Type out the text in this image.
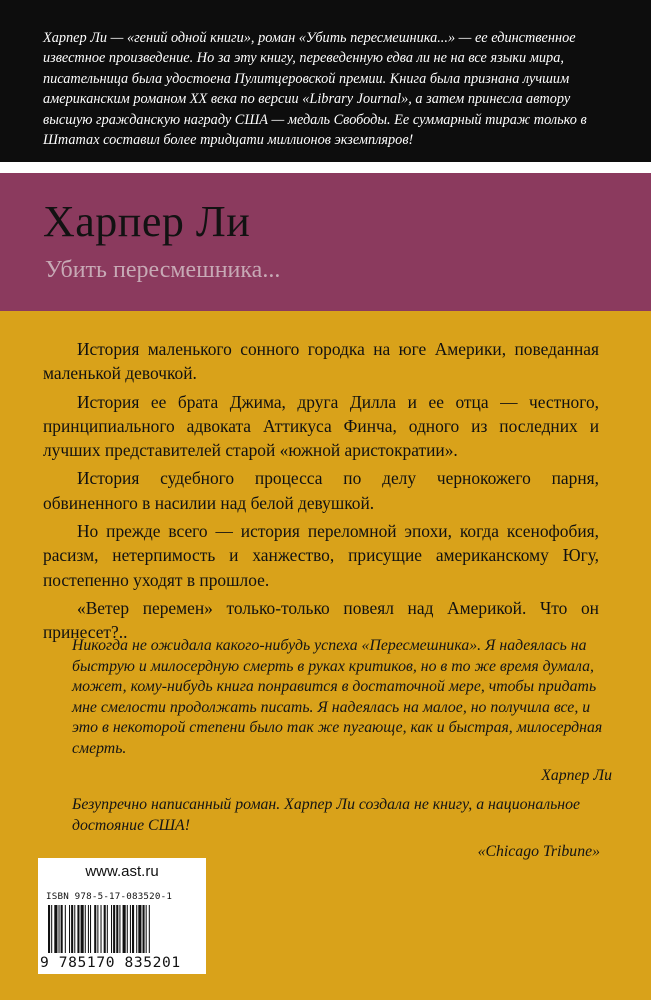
Харпер Ли — «гений одной книги», роман «Убить пересмешника...» — ее единственное известное произведение. Но за эту книгу, переведенную едва ли не на все языки мира, писательница была удостоена Пулитцеровской премии. Книга была признана лучшим американским романом XX века по версии «Library Journal», а затем принесла автору высшую гражданскую награду США — медаль Свободы. Ее суммарный тираж только в Штатах составил более тридцати миллионов экземпляров!

Харпер Ли
Убить пересмешника...

История маленького сонного городка на юге Америки, поведанная маленькой девочкой.

История ее брата Джима, друга Дилла и ее отца — честного, принципиального адвоката Аттикуса Финча, одного из последних и лучших представителей старой «южной аристократии».

История судебного процесса по делу чернокожего парня, обвиненного в насилии над белой девушкой.

Но прежде всего — история переломной эпохи, когда ксенофобия, расизм, нетерпимость и ханжество, присущие американскому Югу, постепенно уходят в прошлое.

«Ветер перемен» только-только повеял над Америкой. Что он принесет?..

Никогда не ожидала какого-нибудь успеха «Пересмешника». Я надеялась на быструю и милосердную смерть в руках критиков, но в то же время думала, может, кому-нибудь книга понравится в достаточной мере, чтобы придать мне смелости продолжать писать. Я надеялась на малое, но получила все, и это в некоторой степени было так же пугающе, как и быстрая, милосердная смерть.
Харпер Ли
Безупречно написанный роман. Харпер Ли создала не книгу, а национальное достояние США!
«Chicago Tribune»
www.ast.ru
ISBN 978-5-17-083520-1
9 785170 835201
